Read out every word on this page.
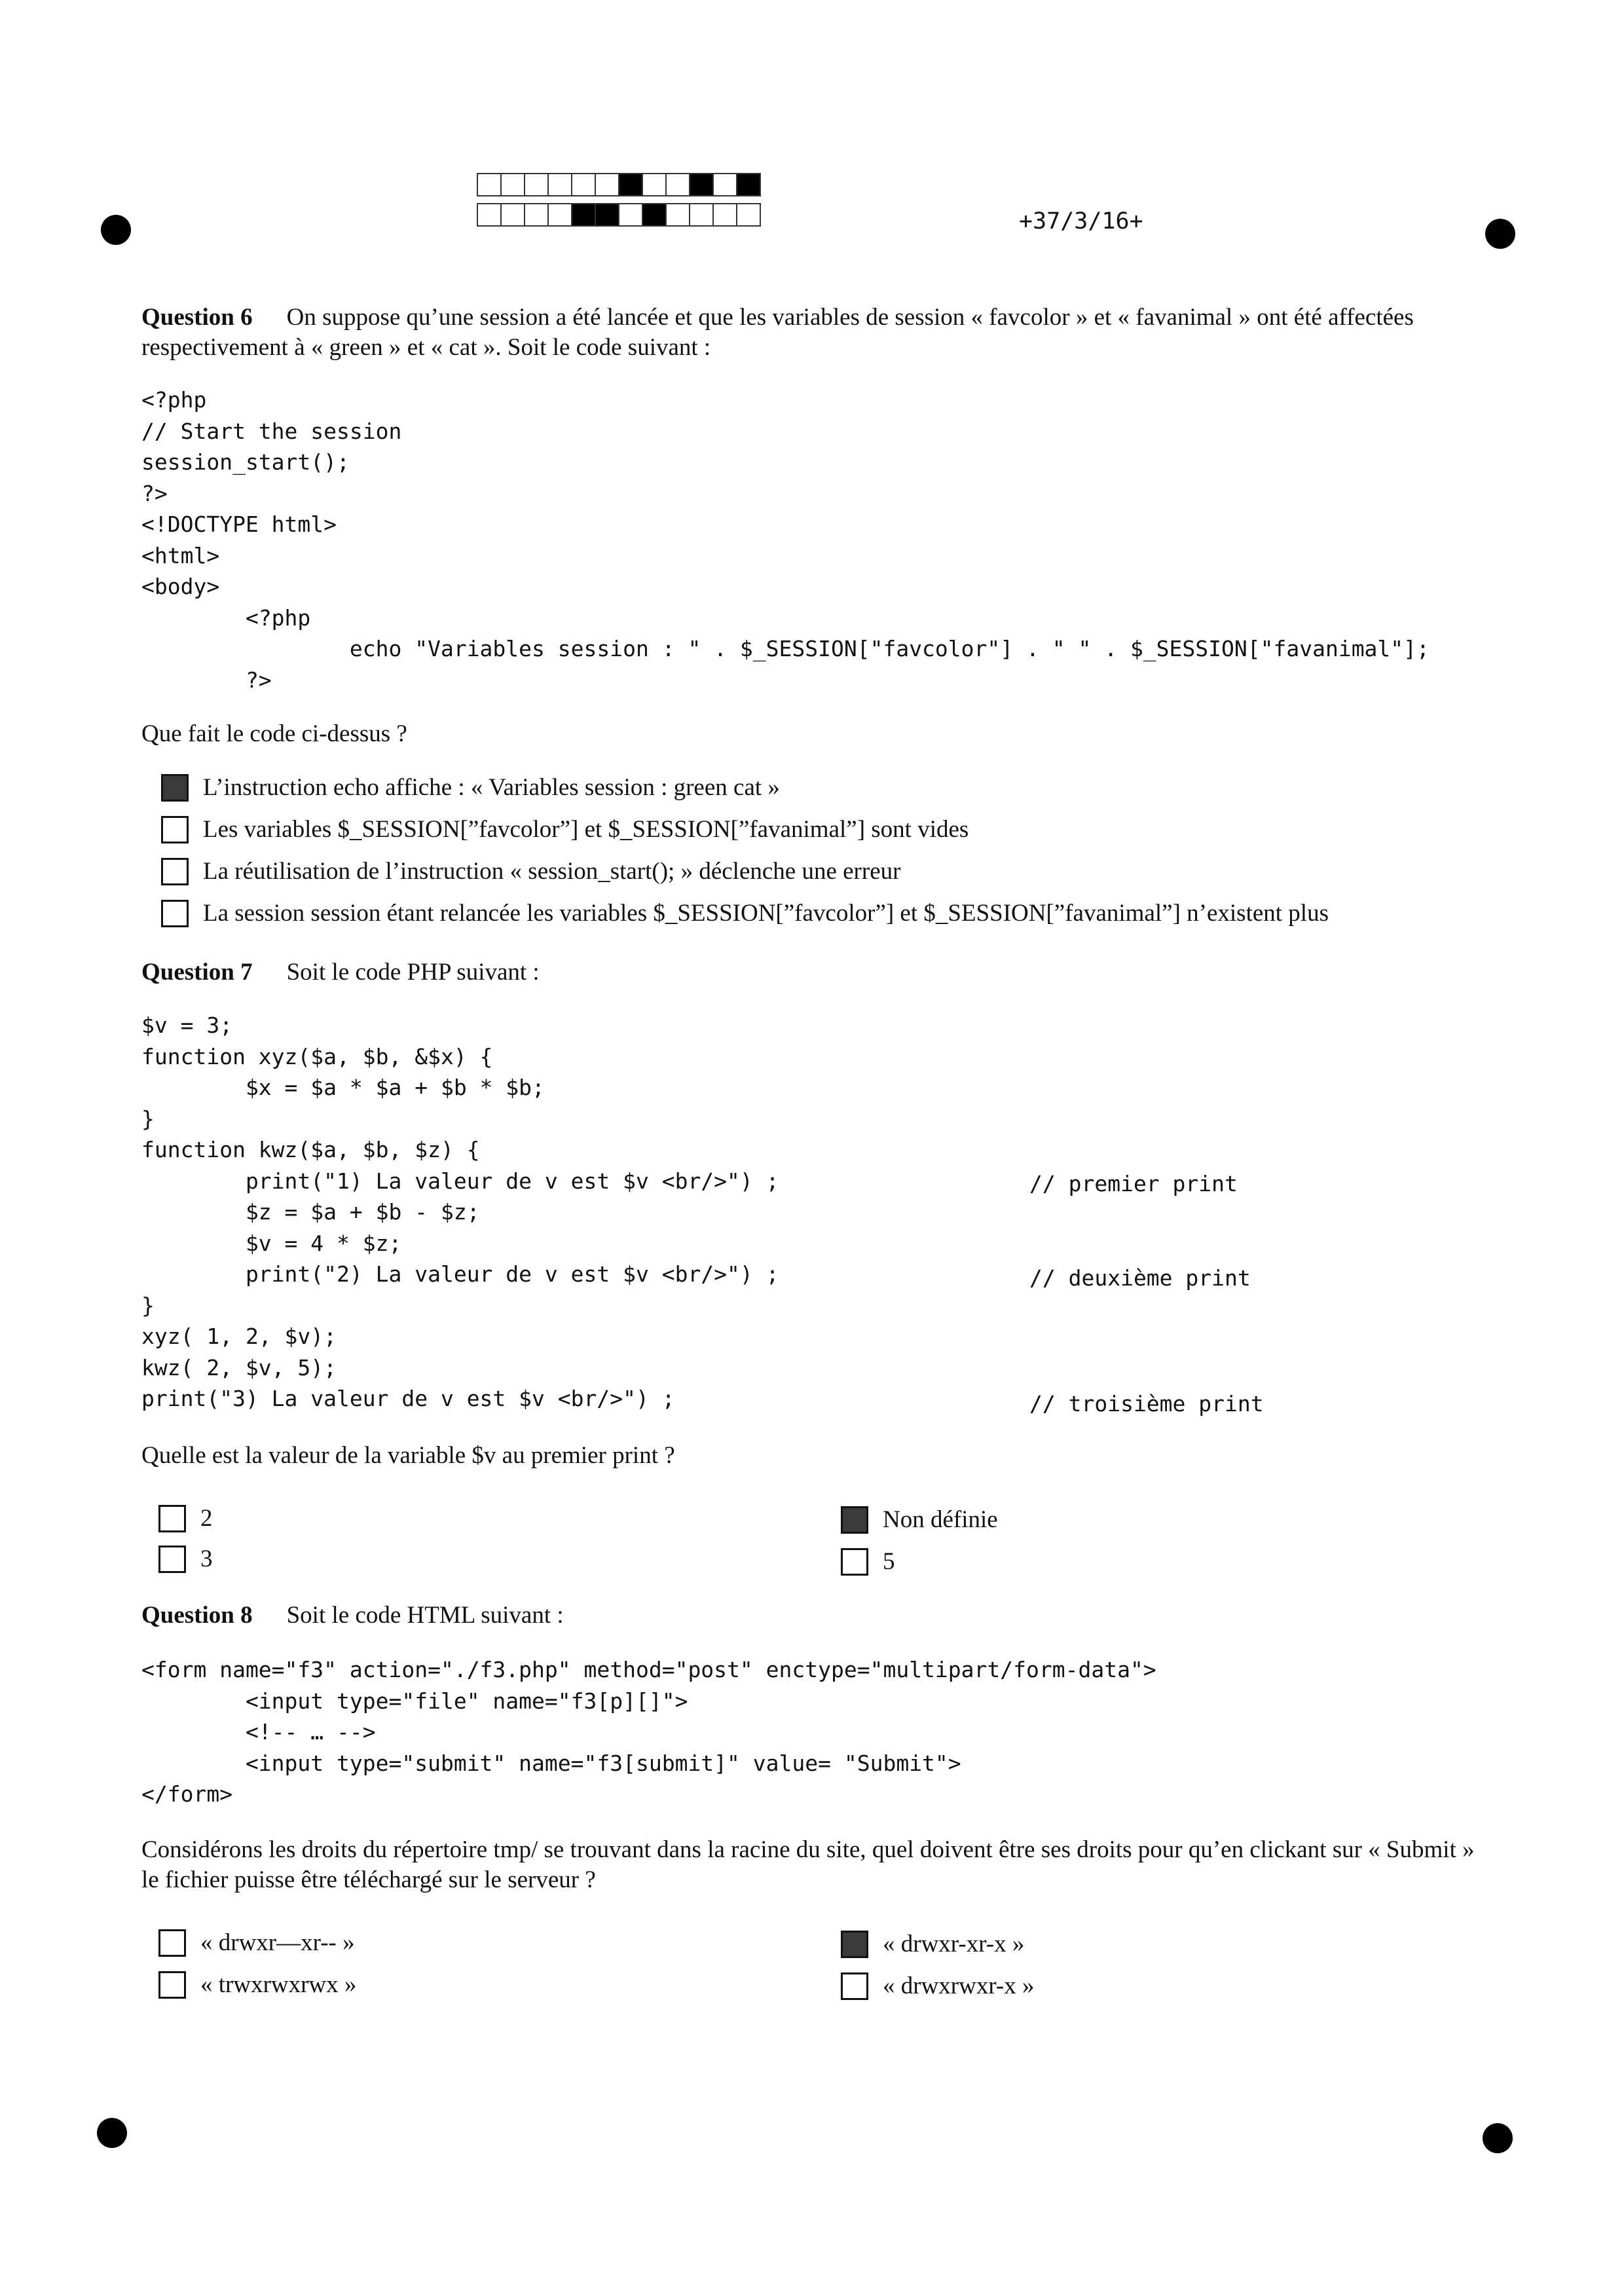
+37/3/16+
Question 6 On suppose qu’une session a été lancée et que les variables de session « favcolor » et « favanimal » ont été affectées respectivement à « green » et « cat ». Soit le code suivant :
<?php
// Start the session
session_start();
?>
<!DOCTYPE html>
<html>
<body>
<?php
echo "Variables session : " . $_SESSION["favcolor"] . " " . $_SESSION["favanimal"];
?>
Que fait le code ci-dessus ?
L’instruction echo affiche : « Variables session : green cat »
Les variables $_SESSION[”favcolor”] et $_SESSION[”favanimal”] sont vides
La réutilisation de l’instruction « session_start(); » déclenche une erreur
La session session étant relancée les variables $_SESSION[”favcolor”] et $_SESSION[”favanimal”] n’existent plus
Question 7 Soit le code PHP suivant :
$v = 3;
function xyz($a, $b, &$x) {
$x = $a * $a + $b * $b;
}
function kwz($a, $b, $z) {
print("1) La valeur de v est $v <br/>") ;
$z = $a + $b - $z;
$v = 4 * $z;
print("2) La valeur de v est $v <br/>") ;
}
xyz( 1, 2, $v);
kwz( 2, $v, 5);
print("3) La valeur de v est $v <br/>") ;
// premier print
// deuxième print
// troisième print
Quelle est la valeur de la variable $v au premier print ?
2
3
Non définie
5
Question 8 Soit le code HTML suivant :
<form name="f3" action="./f3.php" method="post" enctype="multipart/form-data">
<input type="file" name="f3[p][]">
<!-- … -->
<input type="submit" name="f3[submit]" value= "Submit">
</form>
Considérons les droits du répertoire tmp/ se trouvant dans la racine du site, quel doivent être ses droits pour qu’en clickant sur « Submit » le fichier puisse être téléchargé sur le serveur ?
« drwxr—xr-- »
« trwxrwxrwx »
« drwxr-xr-x »
« drwxrwxr-x »
